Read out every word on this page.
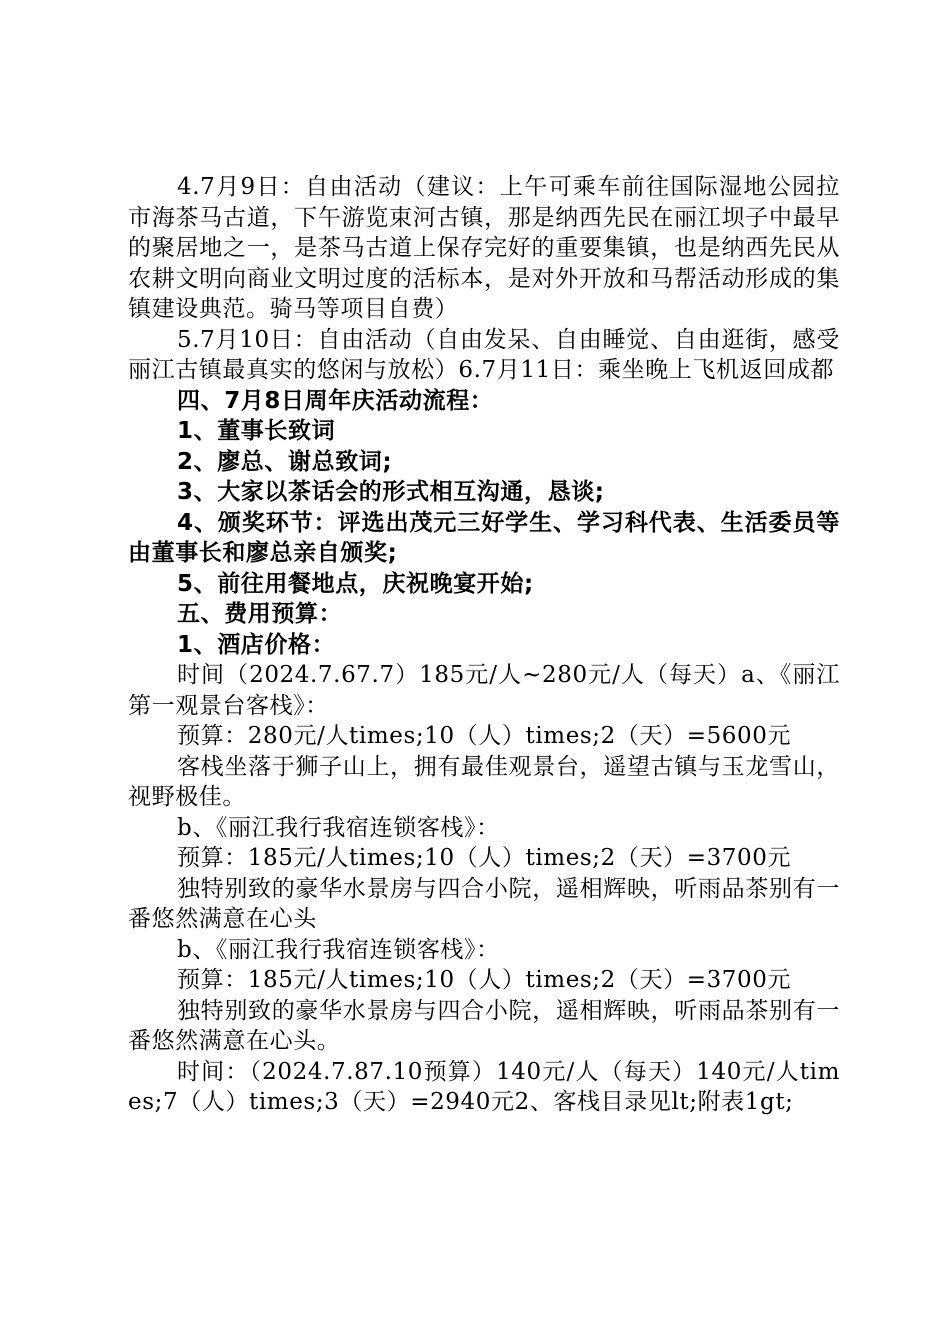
4.7月9日：自由活动（建议：上午可乘车前往国际湿地公园拉市海茶马古道，下午游览束河古镇，那是纳西先民在丽江坝子中最早的聚居地之一，是茶马古道上保存完好的重要集镇，也是纳西先民从农耕文明向商业文明过度的活标本，是对外开放和马帮活动形成的集镇建设典范。骑马等项目自费）

5.7月10日：自由活动（自由发呆、自由睡觉、自由逛街，感受丽江古镇最真实的悠闲与放松）6.7月11日：乘坐晚上飞机返回成都

四、7月8日周年庆活动流程：

1、董事长致词

2、廖总、谢总致词;

3、大家以茶话会的形式相互沟通，恳谈;

4、颁奖环节：评选出茂元三好学生、学习科代表、生活委员等由董事长和廖总亲自颁奖;

5、前往用餐地点，庆祝晚宴开始;

五、费用预算：

1、酒店价格：

时间（2024.7.67.7）185元/人~280元/人（每天）a、《丽江第一观景台客栈》：

预算：280元/人times;10（人）times;2（天）=5600元

客栈坐落于狮子山上，拥有最佳观景台，遥望古镇与玉龙雪山，视野极佳。

b、《丽江我行我宿连锁客栈》：

预算：185元/人times;10（人）times;2（天）=3700元

独特别致的豪华水景房与四合小院，遥相辉映，听雨品茶别有一番悠然满意在心头

b、《丽江我行我宿连锁客栈》：

预算：185元/人times;10（人）times;2（天）=3700元

独特别致的豪华水景房与四合小院，遥相辉映，听雨品茶别有一番悠然满意在心头。

时间：（2024.7.87.10预算）140元/人（每天）140元/人times;7（人）times;3（天）=2940元2、客栈目录见lt;附表1gt;
